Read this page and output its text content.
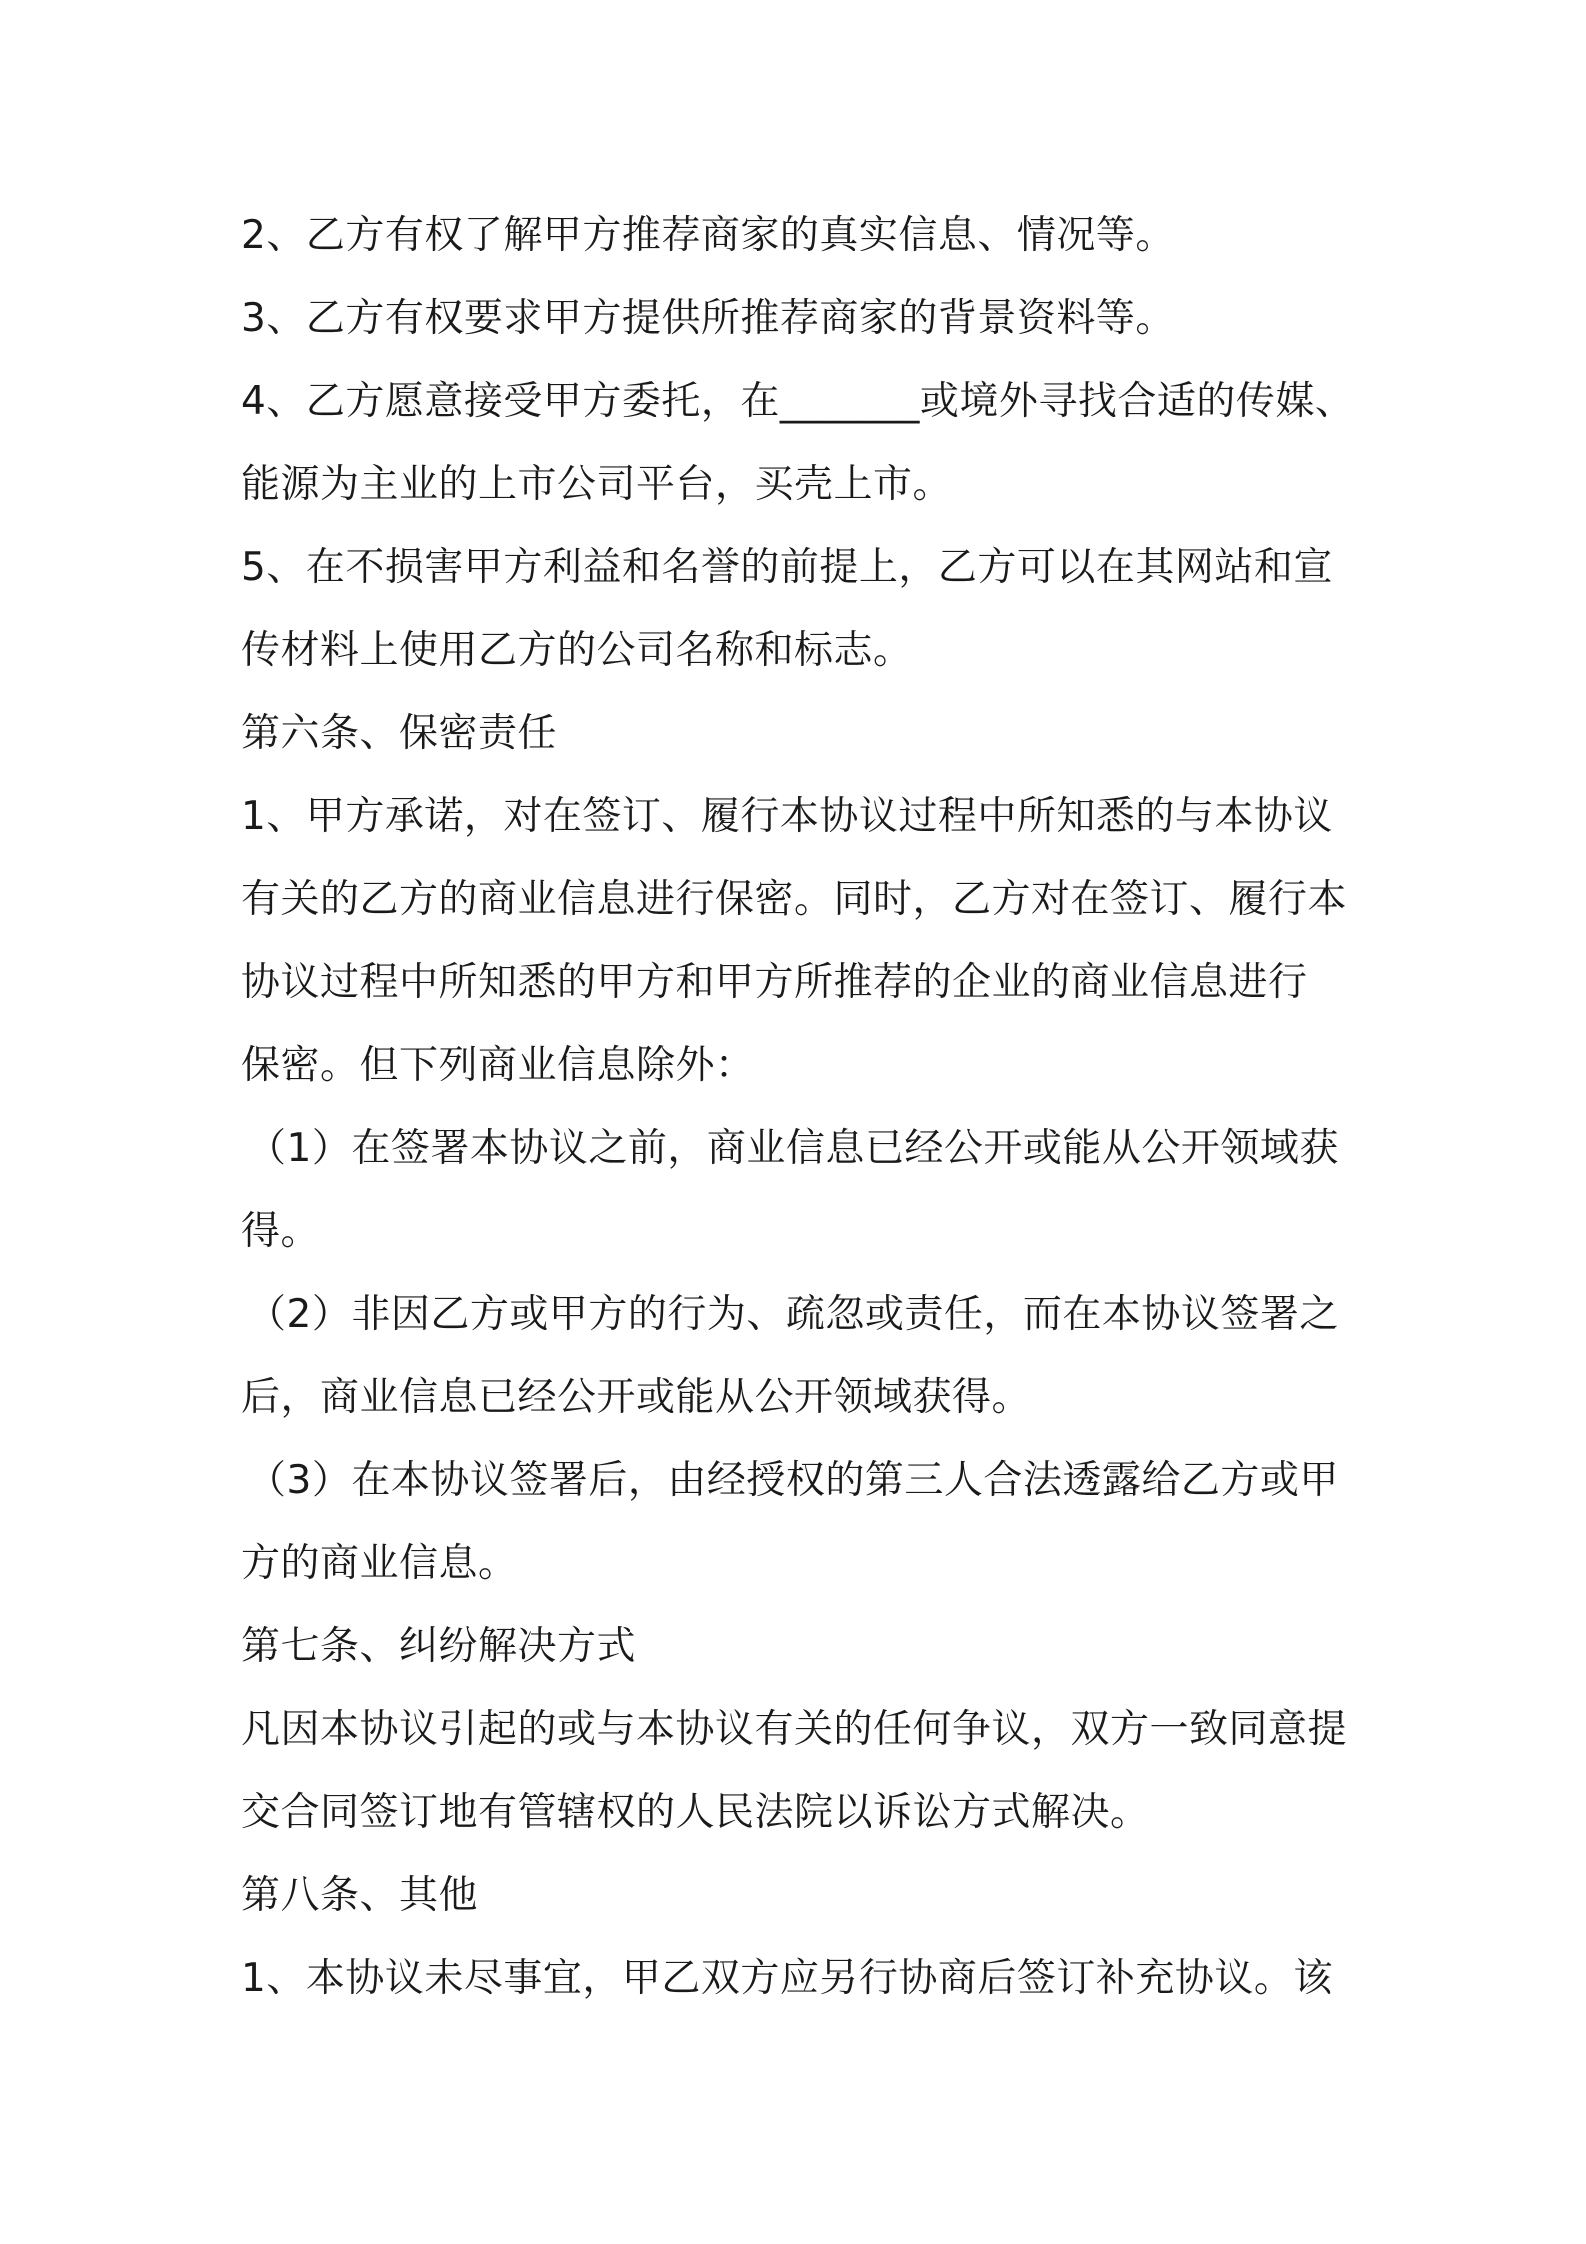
2、乙方有权了解甲方推荐商家的真实信息、情况等。
3、乙方有权要求甲方提供所推荐商家的背景资料等。
4、乙方愿意接受甲方委托，在_______或境外寻找合适的传媒、
能源为主业的上市公司平台，买壳上市。
5、在不损害甲方利益和名誉的前提上，乙方可以在其网站和宣
传材料上使用乙方的公司名称和标志。
第六条、保密责任
1、甲方承诺，对在签订、履行本协议过程中所知悉的与本协议
有关的乙方的商业信息进行保密。同时，乙方对在签订、履行本
协议过程中所知悉的甲方和甲方所推荐的企业的商业信息进行
保密。但下列商业信息除外：
（1）在签署本协议之前，商业信息已经公开或能从公开领域获
得。
（2）非因乙方或甲方的行为、疏忽或责任，而在本协议签署之
后，商业信息已经公开或能从公开领域获得。
（3）在本协议签署后，由经授权的第三人合法透露给乙方或甲
方的商业信息。
第七条、纠纷解决方式
凡因本协议引起的或与本协议有关的任何争议，双方一致同意提
交合同签订地有管辖权的人民法院以诉讼方式解决。
第八条、其他
1、本协议未尽事宜，甲乙双方应另行协商后签订补充协议。该
